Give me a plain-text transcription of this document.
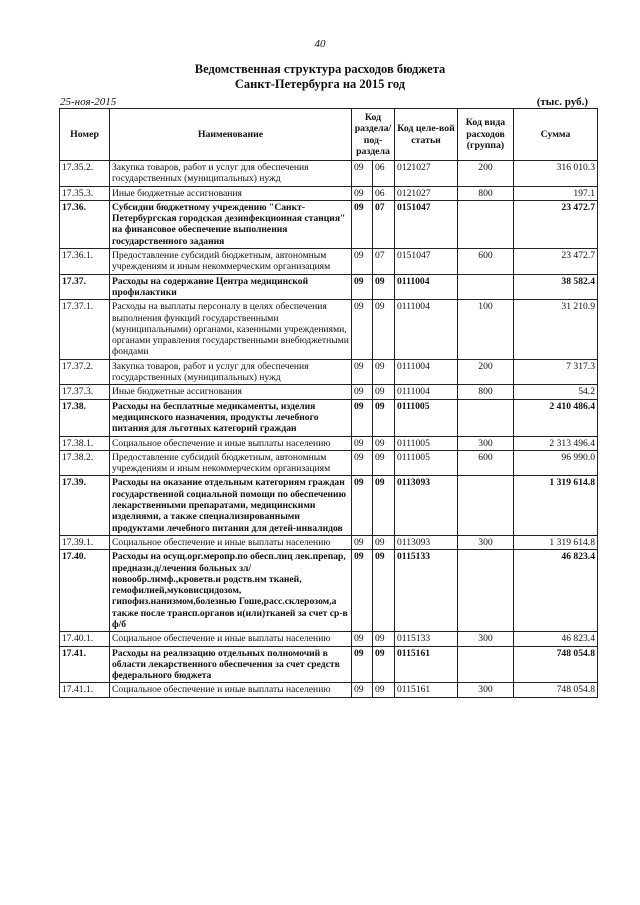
40
Ведомственная структура расходов бюджета
Санкт-Петербурга на 2015 год
25-ноя-2015	(тыс. руб.)
Номер	Наименование	Код раздела/ под-раздела		Код целе-вой статьи	Код вида расходов (группа)	Сумма
17.35.2.	Закупка товаров, работ и услуг для обеспечения государственных (муниципальных) нужд	09	06	0121027	200	316 010.3
17.35.3.	Иные бюджетные ассигнования	09	06	0121027	800	197.1
17.36.	Субсидии бюджетному учреждению "Санкт-Петербургская городская дезинфекционная станция" на финансовое обеспечение выполнения государственного задания	09	07	0151047		23 472.7
17.36.1.	Предоставление субсидий бюджетным, автономным учреждениям и иным некоммерческим организациям	09	07	0151047	600	23 472.7
17.37.	Расходы на содержание Центра медицинской профилактики	09	09	0111004		38 582.4
17.37.1.	Расходы на выплаты персоналу в целях обеспечения выполнения функций государственными (муниципальными) органами, казенными учреждениями, органами управления государственными внебюджетными фондами	09	09	0111004	100	31 210.9
17.37.2.	Закупка товаров, работ и услуг для обеспечения государственных (муниципальных) нужд	09	09	0111004	200	7 317.3
17.37.3.	Иные бюджетные ассигнования	09	09	0111004	800	54.2
17.38.	Расходы на бесплатные медикаменты, изделия медицинского назначения, продукты лечебного питания для льготных категорий граждан	09	09	0111005		2 410 486.4
17.38.1.	Социальное обеспечение и иные выплаты населению	09	09	0111005	300	2 313 496.4
17.38.2.	Предоставление субсидий бюджетным, автономным учреждениям и иным некоммерческим организациям	09	09	0111005	600	96 990.0
17.39.	Расходы на оказание отдельным категориям граждан государственной социальной помощи по обеспечению лекарственными препаратами, медицинскими изделиями, а также специализированными продуктами лечебного питания для детей-инвалидов	09	09	0113093		1 319 614.8
17.39.1.	Социальное обеспечение и иные выплаты населению	09	09	0113093	300	1 319 614.8
17.40.	Расходы на осущ.орг.меропр.по обесп.лиц лек.препар, предназн.д/лечения больных зл/новообр.лимф.,кроветв.и родств.нм тканей, гемофилией,муковисцидозом, гипофиз.нанизмом,болезнью Гоше,расс.склерозом,а также после трансп.органов и(или)тканей за счет ср-в ф/б	09	09	0115133		46 823.4
17.40.1.	Социальное обеспечение и иные выплаты населению	09	09	0115133	300	46 823.4
17.41.	Расходы на реализацию отдельных полномочий в области лекарственного обеспечения за счет средств федерального бюджета	09	09	0115161		748 054.8
17.41.1.	Социальное обеспечение и иные выплаты населению	09	09	0115161	300	748 054.8
